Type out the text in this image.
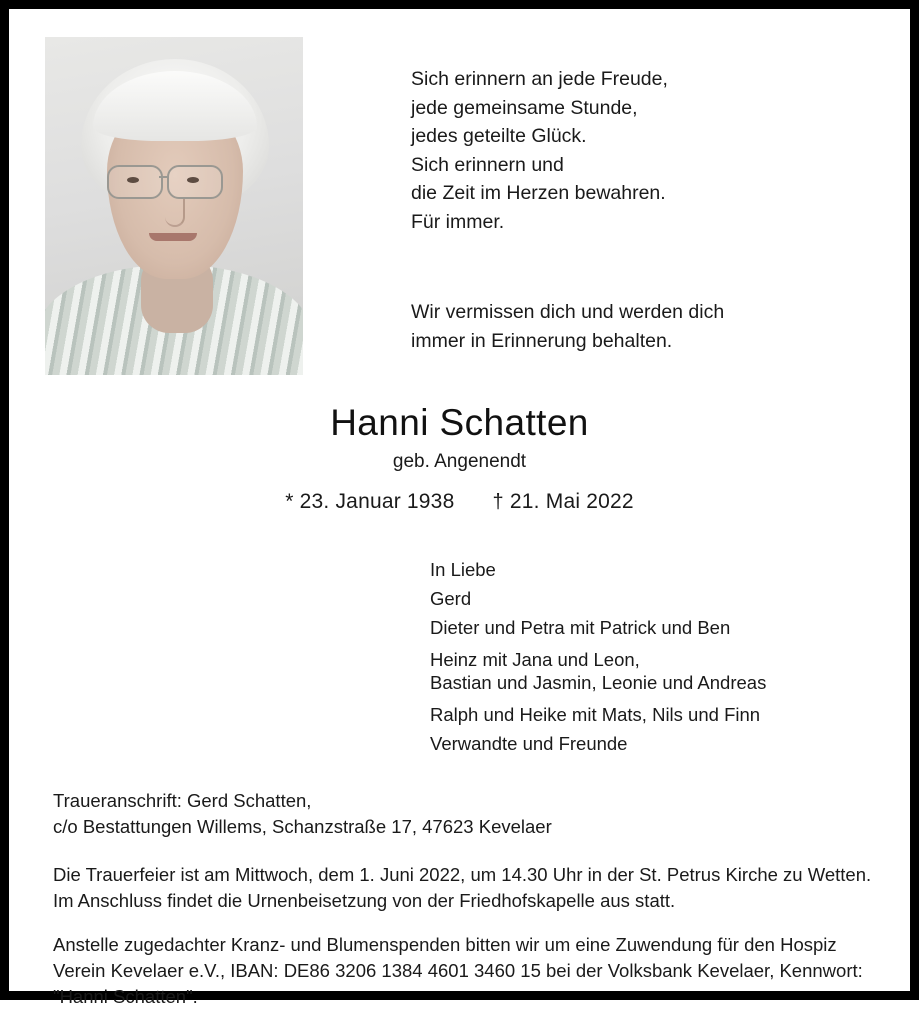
Sich erinnern an jede Freude,
jede gemeinsame Stunde,
jedes geteilte Glück.
Sich erinnern und
die Zeit im Herzen bewahren.
Für immer.
Wir vermissen dich und werden dich
immer in Erinnerung behalten.
Hanni Schatten
geb. Angenendt
* 23. Januar 1938 † 21. Mai 2022
In Liebe
Gerd
Dieter und Petra mit Patrick und Ben
Heinz mit Jana und Leon,
Bastian und Jasmin, Leonie und Andreas
Ralph und Heike mit Mats, Nils und Finn
Verwandte und Freunde
Traueranschrift: Gerd Schatten,
c/o Bestattungen Willems, Schanzstraße 17, 47623 Kevelaer

Die Trauerfeier ist am Mittwoch, dem 1. Juni 2022, um 14.30 Uhr in der St. Petrus Kirche zu Wetten. Im Anschluss findet die Urnenbeisetzung von der Friedhofskapelle aus statt.

Anstelle zugedachter Kranz- und Blumenspenden bitten wir um eine Zuwendung für den Hospiz Verein Kevelaer e.V., IBAN: DE86 3206 1384 4601 3460 15 bei der Volksbank Kevelaer, Kennwort: "Hanni Schatten".
